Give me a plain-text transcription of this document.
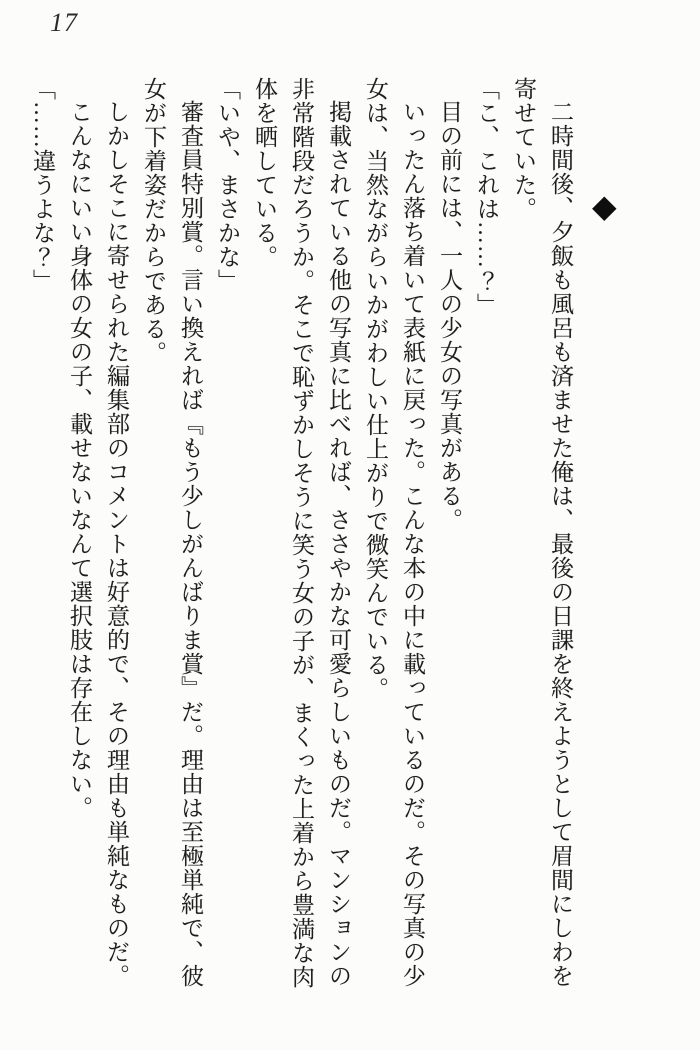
17
◆

二時間後、夕飯も風呂も済ませた俺は、最後の日課を終えようとして眉間にしわを寄せていた。

「こ、これは……？」

目の前には、一人の少女の写真がある。

いったん落ち着いて表紙に戻った。こんな本の中に載っているのだ。その写真の少女は、当然ながらいかがわしい仕上がりで微笑んでいる。

掲載されている他の写真に比べれば、ささやかな可愛らしいものだ。マンションの非常階段だろうか。そこで恥ずかしそうに笑う女の子が、まくった上着から豊満な肉体を晒している。

「いや、まさかな」

審査員特別賞。言い換えれば『もう少しがんばりま賞』だ。理由は至極単純で、彼女が下着姿だからである。

しかしそこに寄せられた編集部のコメントは好意的で、その理由も単純なものだ。

こんなにいい身体の女の子、載せないなんて選択肢は存在しない。

「……違うよな？」
